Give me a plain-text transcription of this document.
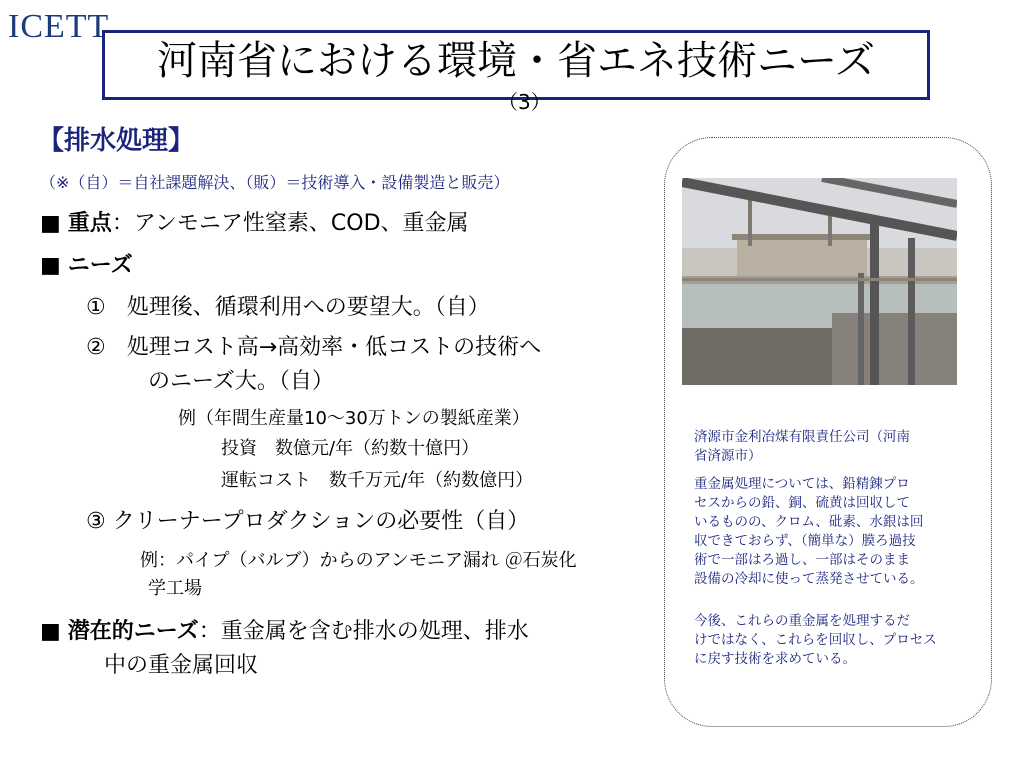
ICETT
河南省における環境・省エネ技術ニーズ
（3）
【排水処理】
（※（自）＝自社課題解決、（販）＝技術導入・設備製造と販売）
■ 重点：アンモニア性窒素、COD、重金属
■ ニーズ
① 処理後、循環利用への要望大。（自）
② 処理コスト高→高効率・低コストの技術へ
のニーズ大。（自）
例（年間生産量10～30万トンの製紙産業）
投資　数億元/年（約数十億円）
運転コスト　数千万元/年（約数億円）
③ クリーナープロダクションの必要性（自）
例：パイプ（バルブ）からのアンモニア漏れ ＠石炭化
学工場
■ 潜在的ニーズ：重金属を含む排水の処理、排水
中の重金属回収
済源市金利冶煤有限責任公司（河南
省済源市）
重金属処理については、鉛精錬プロ
セスからの鉛、銅、硫黄は回収して
いるものの、クロム、砒素、水銀は回
収できておらず、（簡単な）膜ろ過技
術で一部はろ過し、一部はそのまま
設備の冷却に使って蒸発させている。
今後、これらの重金属を処理するだ
けではなく、これらを回収し、プロセス
に戻す技術を求めている。
